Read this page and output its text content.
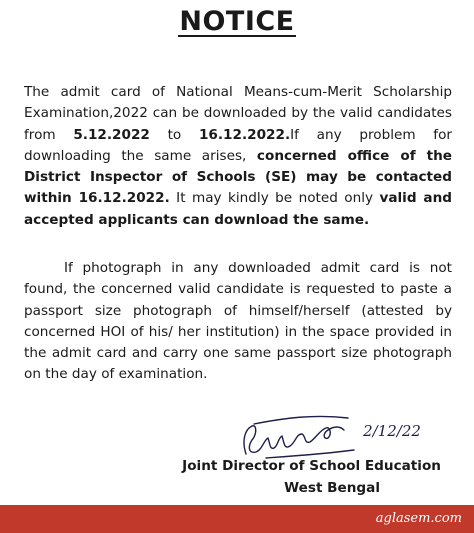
NOTICE
The admit card of National Means-cum-Merit Scholarship Examination,2022 can be downloaded by the valid candidates from 5.12.2022 to 16.12.2022.If any problem for downloading the same arises, concerned office of the District Inspector of Schools (SE) may be contacted within 16.12.2022. It may kindly be noted only valid and accepted applicants can download the same.
If photograph in any downloaded admit card is not found, the concerned valid candidate is requested to paste a passport size photograph of himself/herself (attested by concerned HOI of his/ her institution) in the space provided in the admit card and carry one same passport size photograph on the day of examination.
2/12/22
Joint Director of School Education
West Bengal
aglasem.com
